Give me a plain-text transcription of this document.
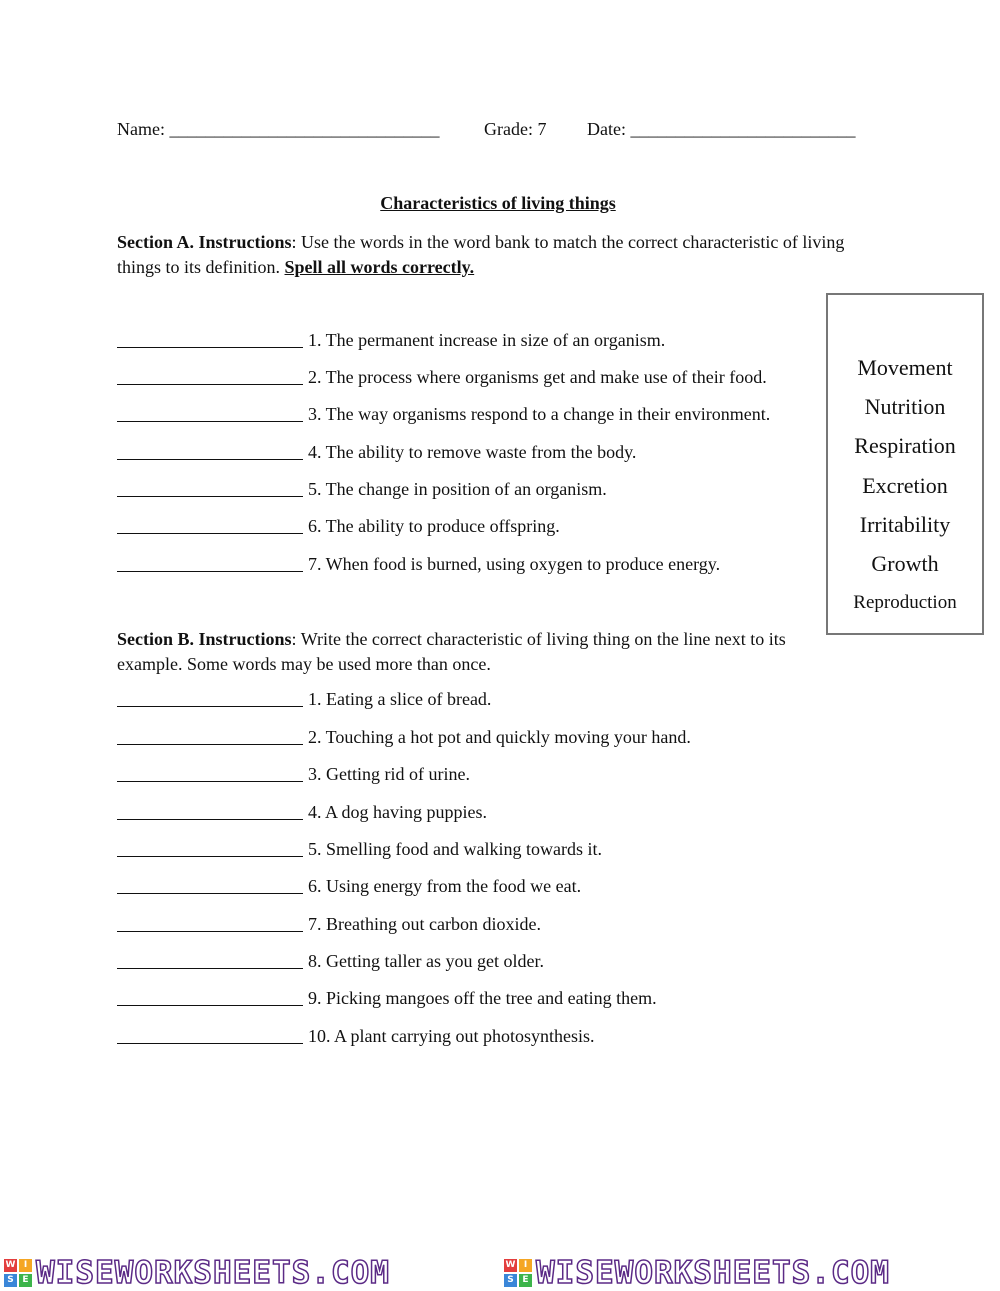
Name: ______________________________ Grade: 7 Date: _________________________
Characteristics of living things
Section A. Instructions: Use the words in the word bank to match the correct characteristic of living things to its definition. Spell all words correctly.
1. The permanent increase in size of an organism.
2. The process where organisms get and make use of their food.
3. The way organisms respond to a change in their environment.
4. The ability to remove waste from the body.
5. The change in position of an organism.
6. The ability to produce offspring.
7. When food is burned, using oxygen to produce energy.
Movement
Nutrition
Respiration
Excretion
Irritability
Growth
Reproduction
Section B. Instructions: Write the correct characteristic of living thing on the line next to its example. Some words may be used more than once.
1. Eating a slice of bread.
2. Touching a hot pot and quickly moving your hand.
3. Getting rid of urine.
4. A dog having puppies.
5. Smelling food and walking towards it.
6. Using energy from the food we eat.
7. Breathing out carbon dioxide.
8. Getting taller as you get older.
9. Picking mangoes off the tree and eating them.
10. A plant carrying out photosynthesis.
W I
S E WISEWORKSHEETS.COM	W I
S E WISEWORKSHEETS.COM
